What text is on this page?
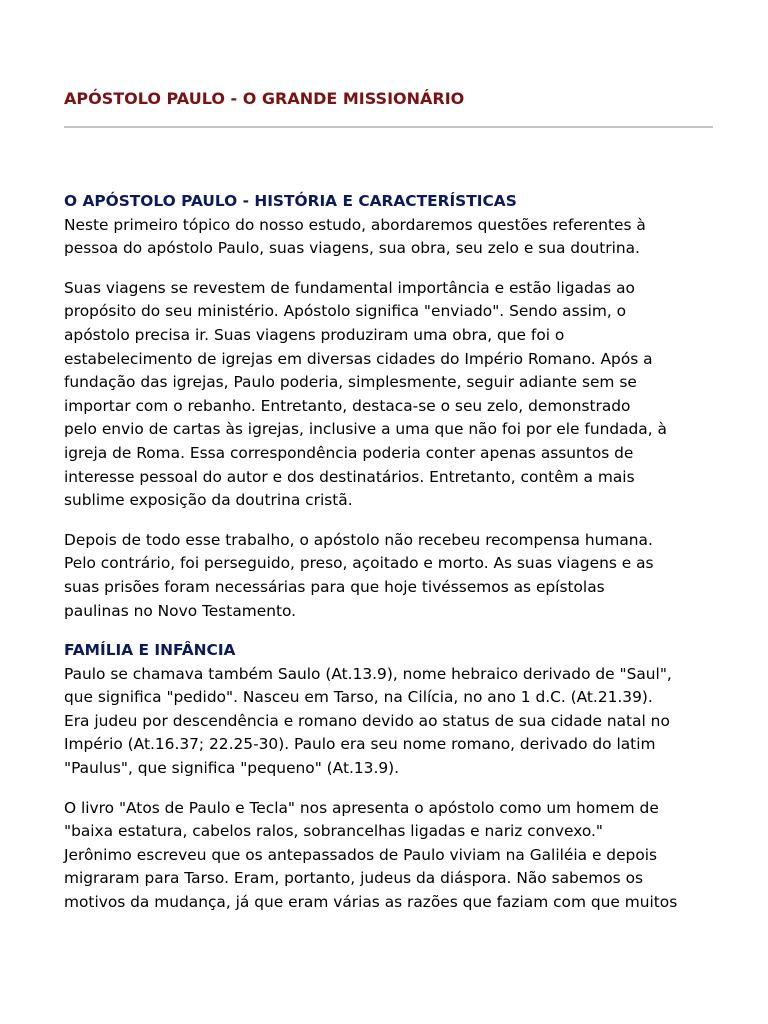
APÓSTOLO PAULO - O GRANDE MISSIONÁRIO
O APÓSTOLO PAULO - HISTÓRIA E CARACTERÍSTICAS

Neste primeiro tópico do nosso estudo, abordaremos questões referentes à
pessoa do apóstolo Paulo, suas viagens, sua obra, seu zelo e sua doutrina.

Suas viagens se revestem de fundamental importância e estão ligadas ao
propósito do seu ministério. Apóstolo significa "enviado". Sendo assim, o
apóstolo precisa ir. Suas viagens produziram uma obra, que foi o
estabelecimento de igrejas em diversas cidades do Império Romano. Após a
fundação das igrejas, Paulo poderia, simplesmente, seguir adiante sem se
importar com o rebanho. Entretanto, destaca-se o seu zelo, demonstrado
pelo envio de cartas às igrejas, inclusive a uma que não foi por ele fundada, à
igreja de Roma. Essa correspondência poderia conter apenas assuntos de
interesse pessoal do autor e dos destinatários. Entretanto, contêm a mais
sublime exposição da doutrina cristã.

Depois de todo esse trabalho, o apóstolo não recebeu recompensa humana.
Pelo contrário, foi perseguido, preso, açoitado e morto. As suas viagens e as
suas prisões foram necessárias para que hoje tivéssemos as epístolas
paulinas no Novo Testamento.

FAMÍLIA E INFÂNCIA

Paulo se chamava também Saulo (At.13.9), nome hebraico derivado de "Saul",
que significa "pedido". Nasceu em Tarso, na Cilícia, no ano 1 d.C. (At.21.39).
Era judeu por descendência e romano devido ao status de sua cidade natal no
Império (At.16.37; 22.25-30). Paulo era seu nome romano, derivado do latim
"Paulus", que significa "pequeno" (At.13.9).

O livro "Atos de Paulo e Tecla" nos apresenta o apóstolo como um homem de
"baixa estatura, cabelos ralos, sobrancelhas ligadas e nariz convexo."
Jerônimo escreveu que os antepassados de Paulo viviam na Galiléia e depois
migraram para Tarso. Eram, portanto, judeus da diáspora. Não sabemos os
motivos da mudança, já que eram várias as razões que faziam com que muitos
